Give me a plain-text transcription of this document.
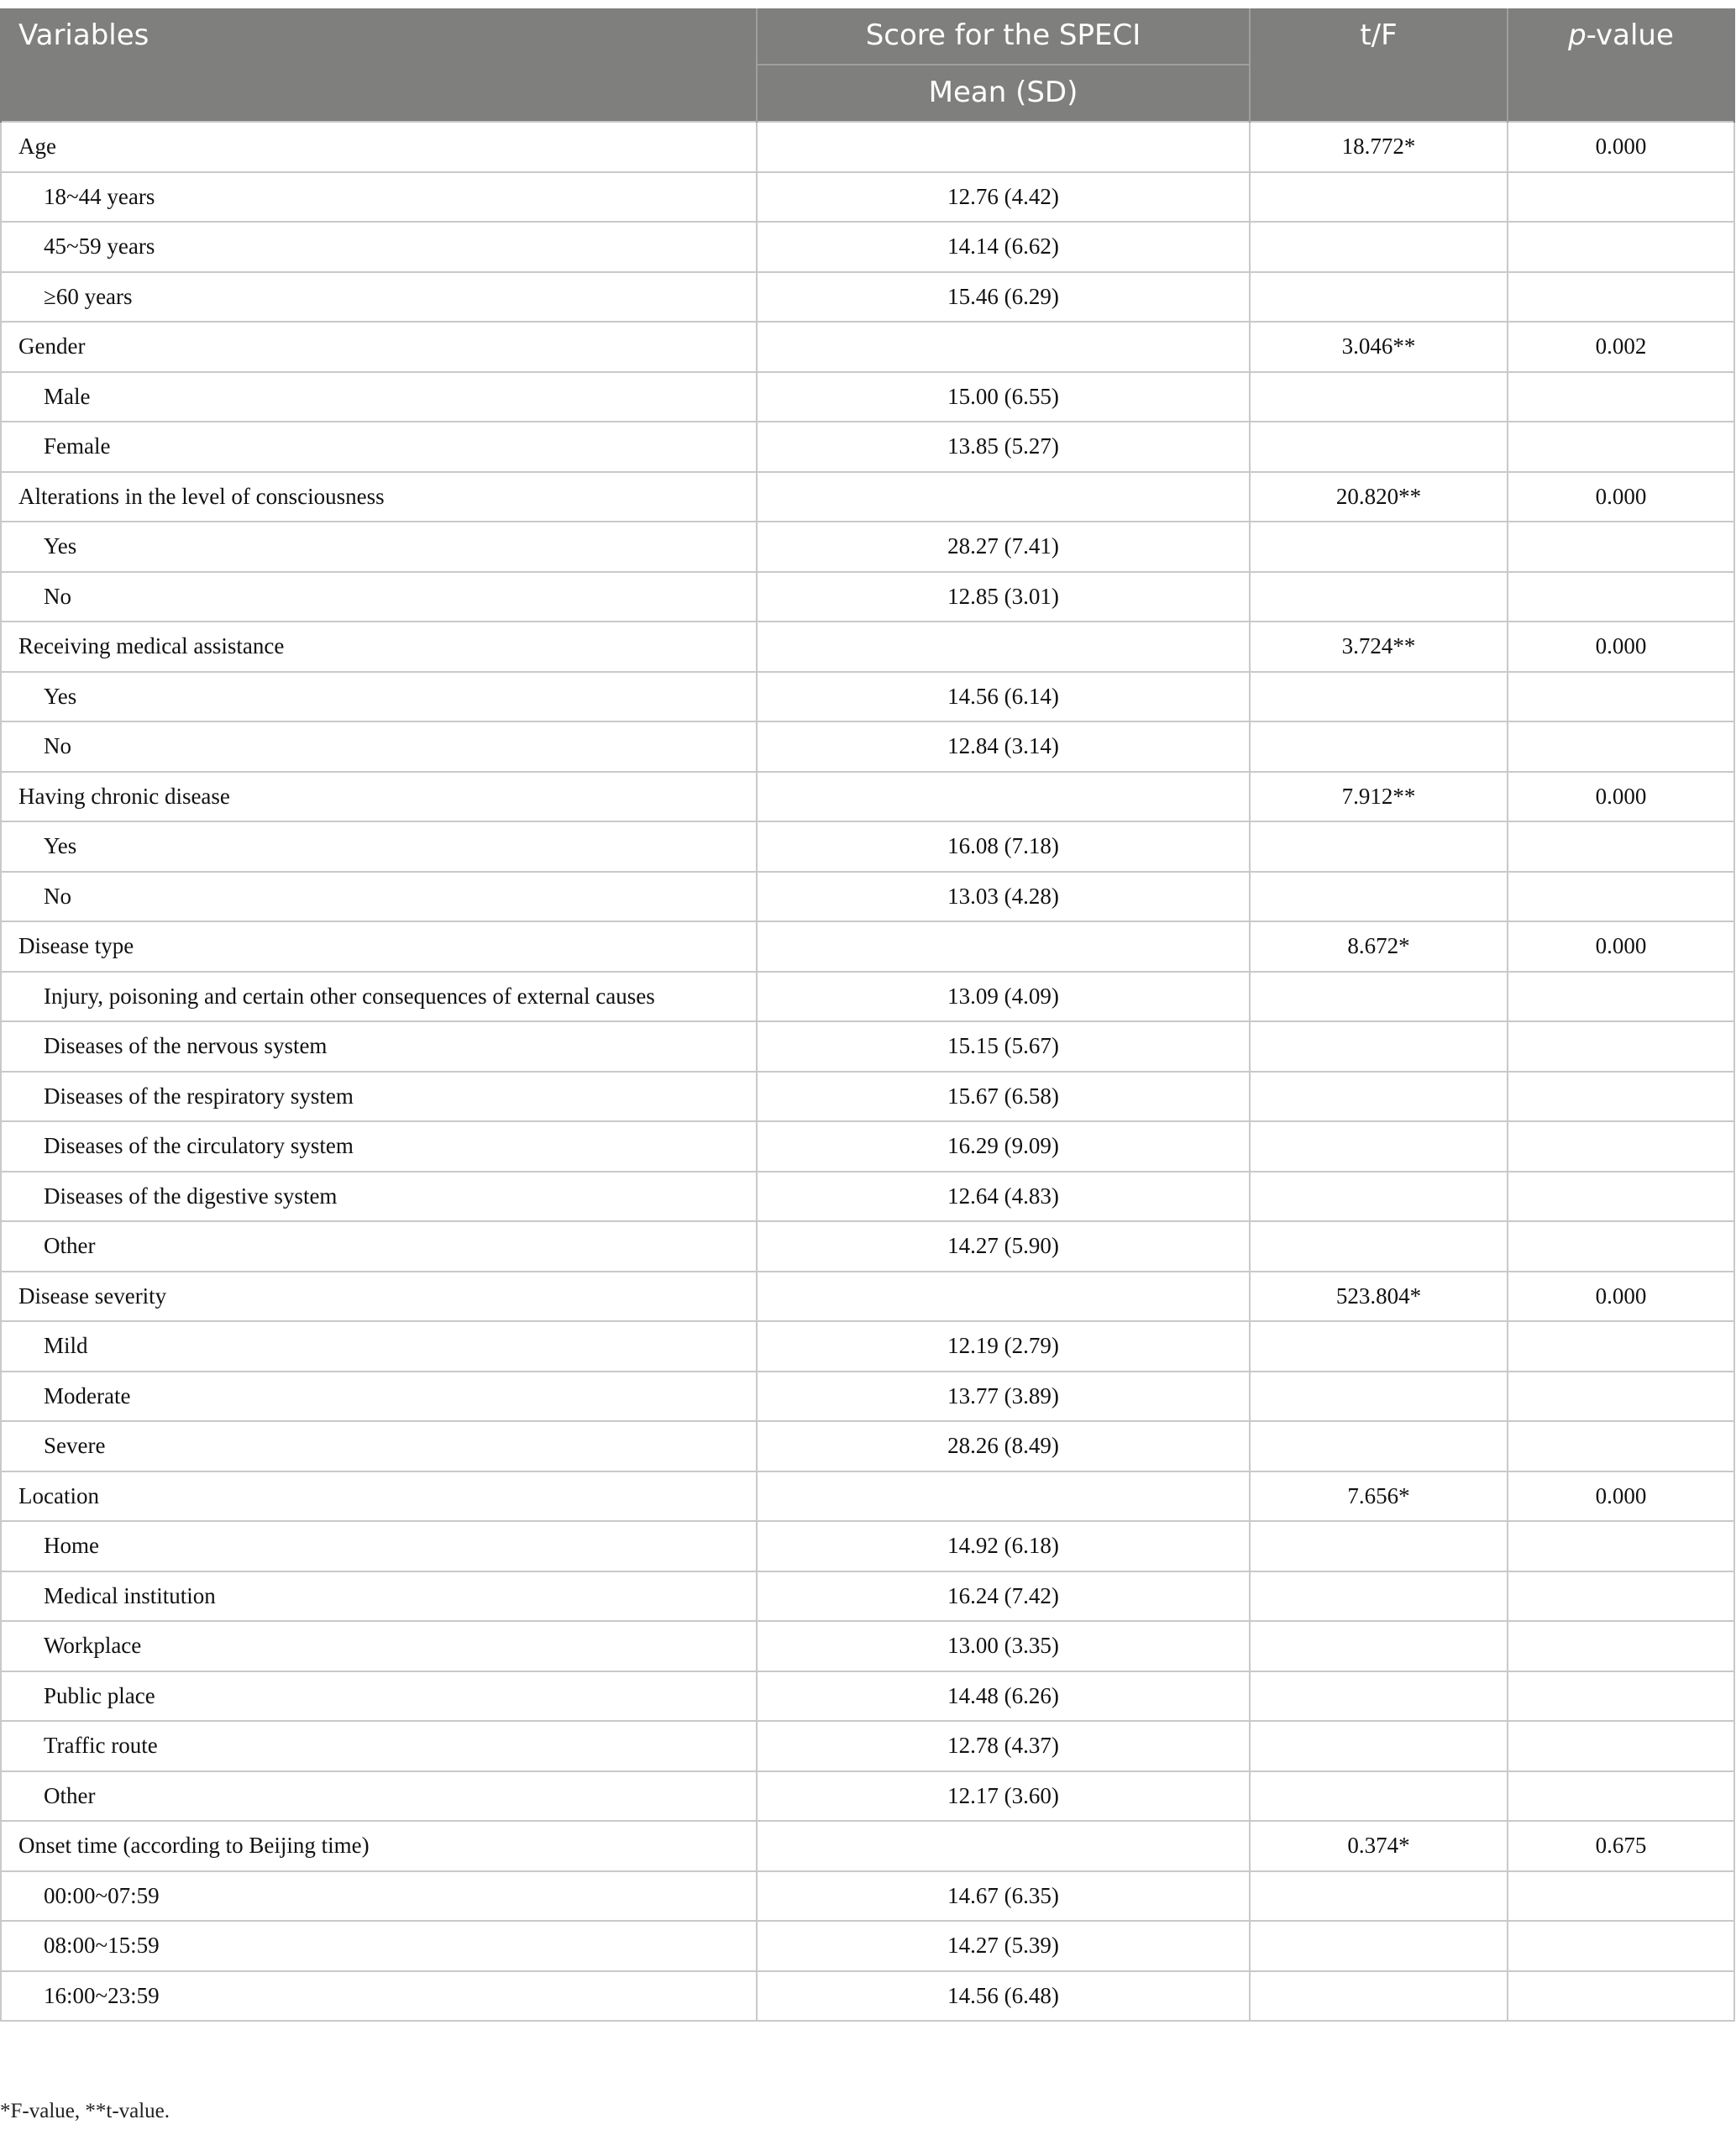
Variables	Score for the SPECI	t/F	p-value
	Mean (SD)		
Age		18.772*	0.000
18~44 years	12.76 (4.42)		
45~59 years	14.14 (6.62)		
≥60 years	15.46 (6.29)		
Gender		3.046**	0.002
Male	15.00 (6.55)		
Female	13.85 (5.27)		
Alterations in the level of consciousness		20.820**	0.000
Yes	28.27 (7.41)		
No	12.85 (3.01)		
Receiving medical assistance		3.724**	0.000
Yes	14.56 (6.14)		
No	12.84 (3.14)		
Having chronic disease		7.912**	0.000
Yes	16.08 (7.18)		
No	13.03 (4.28)		
Disease type		8.672*	0.000
Injury, poisoning and certain other consequences of external causes	13.09 (4.09)		
Diseases of the nervous system	15.15 (5.67)		
Diseases of the respiratory system	15.67 (6.58)		
Diseases of the circulatory system	16.29 (9.09)		
Diseases of the digestive system	12.64 (4.83)		
Other	14.27 (5.90)		
Disease severity		523.804*	0.000
Mild	12.19 (2.79)		
Moderate	13.77 (3.89)		
Severe	28.26 (8.49)		
Location		7.656*	0.000
Home	14.92 (6.18)		
Medical institution	16.24 (7.42)		
Workplace	13.00 (3.35)		
Public place	14.48 (6.26)		
Traffic route	12.78 (4.37)		
Other	12.17 (3.60)		
Onset time (according to Beijing time)		0.374*	0.675
00:00~07:59	14.67 (6.35)		
08:00~15:59	14.27 (5.39)		
16:00~23:59	14.56 (6.48)		
*F-value, **t-value.
